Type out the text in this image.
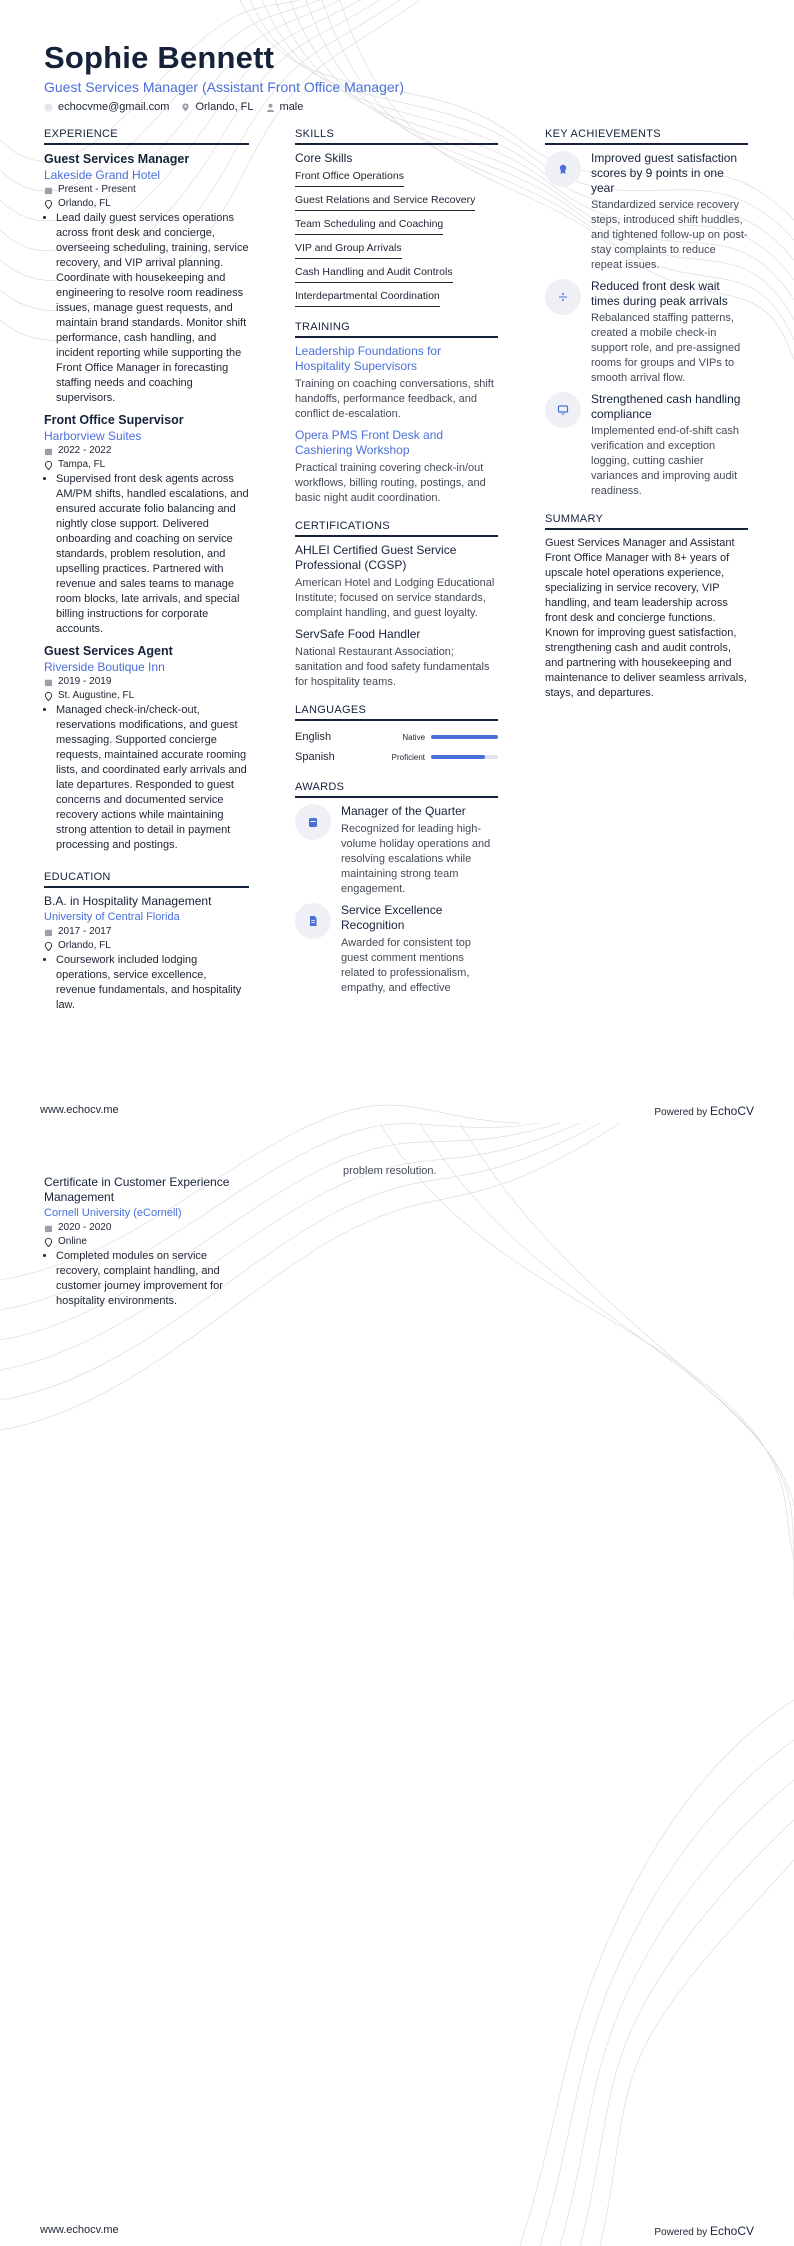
Sophie Bennett
Guest Services Manager (Assistant Front Office Manager)
echocvme@gmail.com Orlando, FL male
EXPERIENCE
Guest Services Manager
Lakeside Grand Hotel
Present - Present
Orlando, FL
• Lead daily guest services operations across front desk and concierge, overseeing scheduling, training, service recovery, and VIP arrival planning. Coordinate with housekeeping and engineering to resolve room readiness issues, manage guest requests, and maintain brand standards. Monitor shift performance, cash handling, and incident reporting while supporting the Front Office Manager in forecasting staffing needs and coaching supervisors.
Front Office Supervisor
Harborview Suites
2022 - 2022
Tampa, FL
• Supervised front desk agents across AM/PM shifts, handled escalations, and ensured accurate folio balancing and nightly close support. Delivered onboarding and coaching on service standards, problem resolution, and upselling practices. Partnered with revenue and sales teams to manage room blocks, late arrivals, and special billing instructions for corporate accounts.
Guest Services Agent
Riverside Boutique Inn
2019 - 2019
St. Augustine, FL
• Managed check-in/check-out, reservations modifications, and guest messaging. Supported concierge requests, maintained accurate rooming lists, and coordinated early arrivals and late departures. Responded to guest concerns and documented service recovery actions while maintaining strong attention to detail in payment processing and postings.
EDUCATION
B.A. in Hospitality Management
University of Central Florida
2017 - 2017
Orlando, FL
• Coursework included lodging operations, service excellence, revenue fundamentals, and hospitality law.
SKILLS
Core Skills
Front Office Operations
Guest Relations and Service Recovery
Team Scheduling and Coaching
VIP and Group Arrivals
Cash Handling and Audit Controls
Interdepartmental Coordination
TRAINING
Leadership Foundations for Hospitality Supervisors
Training on coaching conversations, shift handoffs, performance feedback, and conflict de-escalation.
Opera PMS Front Desk and Cashiering Workshop
Practical training covering check-in/out workflows, billing routing, postings, and basic night audit coordination.
CERTIFICATIONS
AHLEI Certified Guest Service Professional (CGSP)
American Hotel and Lodging Educational Institute; focused on service standards, complaint handling, and guest loyalty.
ServSafe Food Handler
National Restaurant Association; sanitation and food safety fundamentals for hospitality teams.
LANGUAGES
English	Native
Spanish	Proficient
AWARDS
Manager of the Quarter
Recognized for leading high-volume holiday operations and resolving escalations while maintaining strong team engagement.
Service Excellence Recognition
Awarded for consistent top guest comment mentions related to professionalism, empathy, and effective
KEY ACHIEVEMENTS
Improved guest satisfaction scores by 9 points in one year
Standardized service recovery steps, introduced shift huddles, and tightened follow-up on post-stay complaints to reduce repeat issues.
Reduced front desk wait times during peak arrivals
Rebalanced staffing patterns, created a mobile check-in support role, and pre-assigned rooms for groups and VIPs to smooth arrival flow.
Strengthened cash handling compliance
Implemented end-of-shift cash verification and exception logging, cutting cashier variances and improving audit readiness.
SUMMARY
Guest Services Manager and Assistant Front Office Manager with 8+ years of upscale hotel operations experience, specializing in service recovery, VIP handling, and team leadership across front desk and concierge functions. Known for improving guest satisfaction, strengthening cash and audit controls, and partnering with housekeeping and maintenance to deliver seamless arrivals, stays, and departures.
www.echocv.me	Powered by EchoCV
Certificate in Customer Experience Management
Cornell University (eCornell)
2020 - 2020
Online
• Completed modules on service recovery, complaint handling, and customer journey improvement for hospitality environments.
problem resolution.
www.echocv.me	Powered by EchoCV
